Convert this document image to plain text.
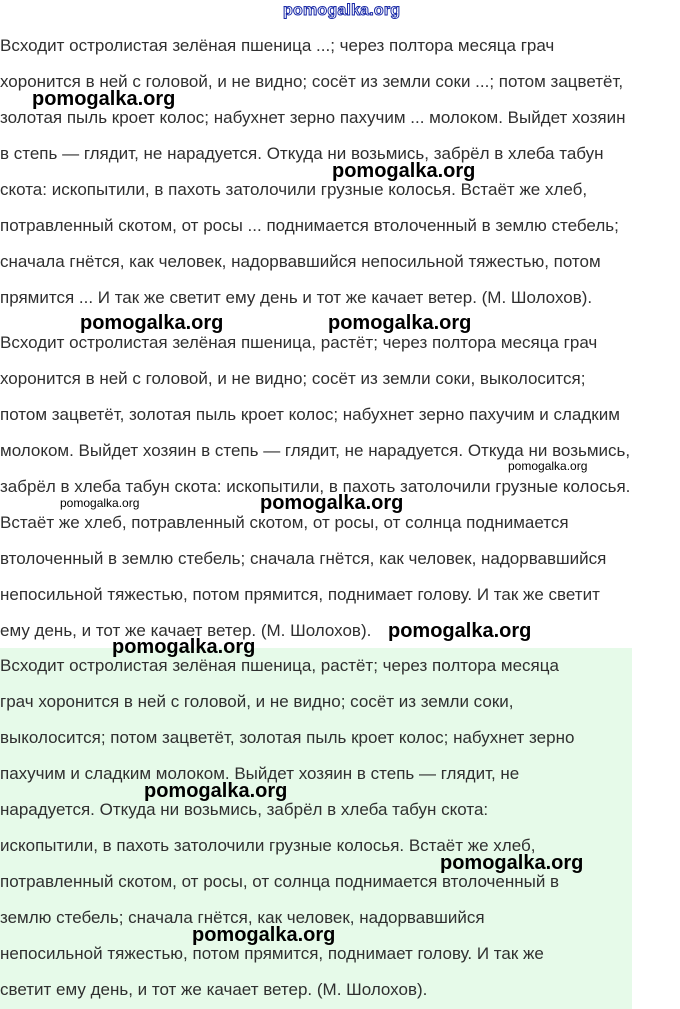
pomogalka.org
Всходит остролистая зелёная пшеница ...; через полтора месяца грач
хоронится в ней с головой, и не видно; сосёт из земли соки ...; потом зацветёт,
золотая пыль кроет колос; набухнет зерно пахучим ... молоком. Выйдет хозяин
в степь — глядит, не нарадуется. Откуда ни возьмись, забрёл в хлеба табун
скота: ископытили, в пахоть затолочили грузные колосья. Встаёт же хлеб,
потравленный скотом, от росы ... поднимается втолоченный в землю стебель;
сначала гнётся, как человек, надорвавшийся непосильной тяжестью, потом
прямится ... И так же светит ему день и тот же качает ветер. (М. Шолохов).
Всходит остролистая зелёная пшеница, растёт; через полтора месяца грач
хоронится в ней с головой, и не видно; сосёт из земли соки, выколосится;
потом зацветёт, золотая пыль кроет колос; набухнет зерно пахучим и сладким
молоком. Выйдет хозяин в степь — глядит, не нарадуется. Откуда ни возьмись,
забрёл в хлеба табун скота: ископытили, в пахоть затолочили грузные колосья.
Встаёт же хлеб, потравленный скотом, от росы, от солнца поднимается
втолоченный в землю стебель; сначала гнётся, как человек, надорвавшийся
непосильной тяжестью, потом прямится, поднимает голову. И так же светит
ему день, и тот же качает ветер. (М. Шолохов).
Всходит остролистая зелёная пшеница, растёт; через полтора месяца
грач хоронится в ней с головой, и не видно; сосёт из земли соки,
выколосится; потом зацветёт, золотая пыль кроет колос; набухнет зерно
пахучим и сладким молоком. Выйдет хозяин в степь — глядит, не
нарадуется. Откуда ни возьмись, забрёл в хлеба табун скота:
ископытили, в пахоть затолочили грузные колосья. Встаёт же хлеб,
потравленный скотом, от росы, от солнца поднимается втолоченный в
землю стебель; сначала гнётся, как человек, надорвавшийся
непосильной тяжестью, потом прямится, поднимает голову. И так же
светит ему день, и тот же качает ветер. (М. Шолохов).
pomogalka.org
pomogalka.org
pomogalka.org	pomogalka.org
pomogalka.org
pomogalka.org	pomogalka.org
pomogalka.org
pomogalka.org
pomogalka.org
pomogalka.org
pomogalka.org
